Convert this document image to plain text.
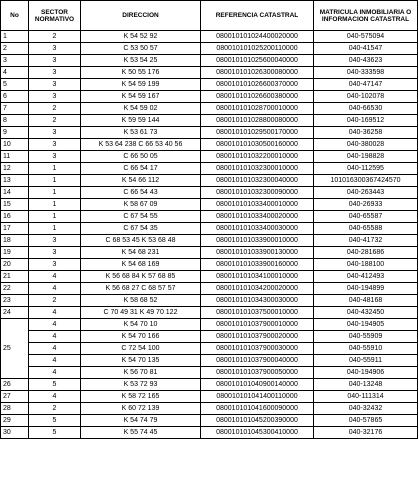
No	SECTOR NORMATIVO	DIRECCION	REFERENCIA CATASTRAL	MATRICULA INMOBILIARIA O INFORMACION CATASTRAL
1	2	K 54 52 92	080010101024400020000	040-575094
2	3	C 53 50 57	080010101025200110000	040-41547
3	3	K 53 54 25	080010101025600040000	040-43623
4	3	K 50 55 176	080010101026300080000	040-333598
5	3	K 54 59 199	080010101026600370000	040-47147
6	3	K 54 59 167	080010101026600380000	040-102078
7	2	K 54 59 02	080010101028700010000	040-66530
8	2	K 59 59 144	080010101028800080000	040-169512
9	3	K 53 61 73	080010101029500170000	040-36258
10	3	K 53 64 238 C 66 53 40 56	080010101030500160000	040-380028
11	3	C 66 50 05	080010101032200010000	040-198828
12	1	C 66 54 17	080010101032300010000	040-112595
13	1	K 54 66 112	080010101032300040000	101016300367424570
14	1	C 66 54 43	080010101032300090000	040-263443
15	1	K 58 67 09	080010101033400010000	040-26933
16	1	C 67 54 55	080010101033400020000	040-65587
17	1	C 67 54 35	080010101033400030000	040-65588
18	3	C 68 53 45 K 53 68 48	080010101033900010000	040-41732
19	3	K 54 68 231	080010101033900130000	040-281686
20	3	K 54 68 169	080010101033900160000	040-188100
21	4	K 56 68 84 K 57 68 85	080010101034100010000	040-412493
22	4	K 56 68 27 C 68 57 57	080010101034200020000	040-194899
23	2	K 58 68 52	080010101034300030000	040-48168
24	4	C 70 49 31 K 49 70 122	080010101037500010000	040-432450
25	4	K 54 70 10	080010101037900010000	040-194905
	4	K 54 70 166	080010101037900020000	040-55909
	4	C 72 54 100	080010101037900030000	040-55910
	4	K 54 70 135	080010101037900040000	040-55911
	4	K 56 70 81	080010101037900050000	040-194906
26	5	K 53 72 93	080010101040900140000	040-13248
27	4	K 58 72 165	080010101041400110000	040-111314
28	2	K 60 72 139	080010101041600090000	040-32432
29	5	K 54 74 79	080010101045200390000	040-57865
30	5	K 55 74 45	080010101045300410000	040-32176
